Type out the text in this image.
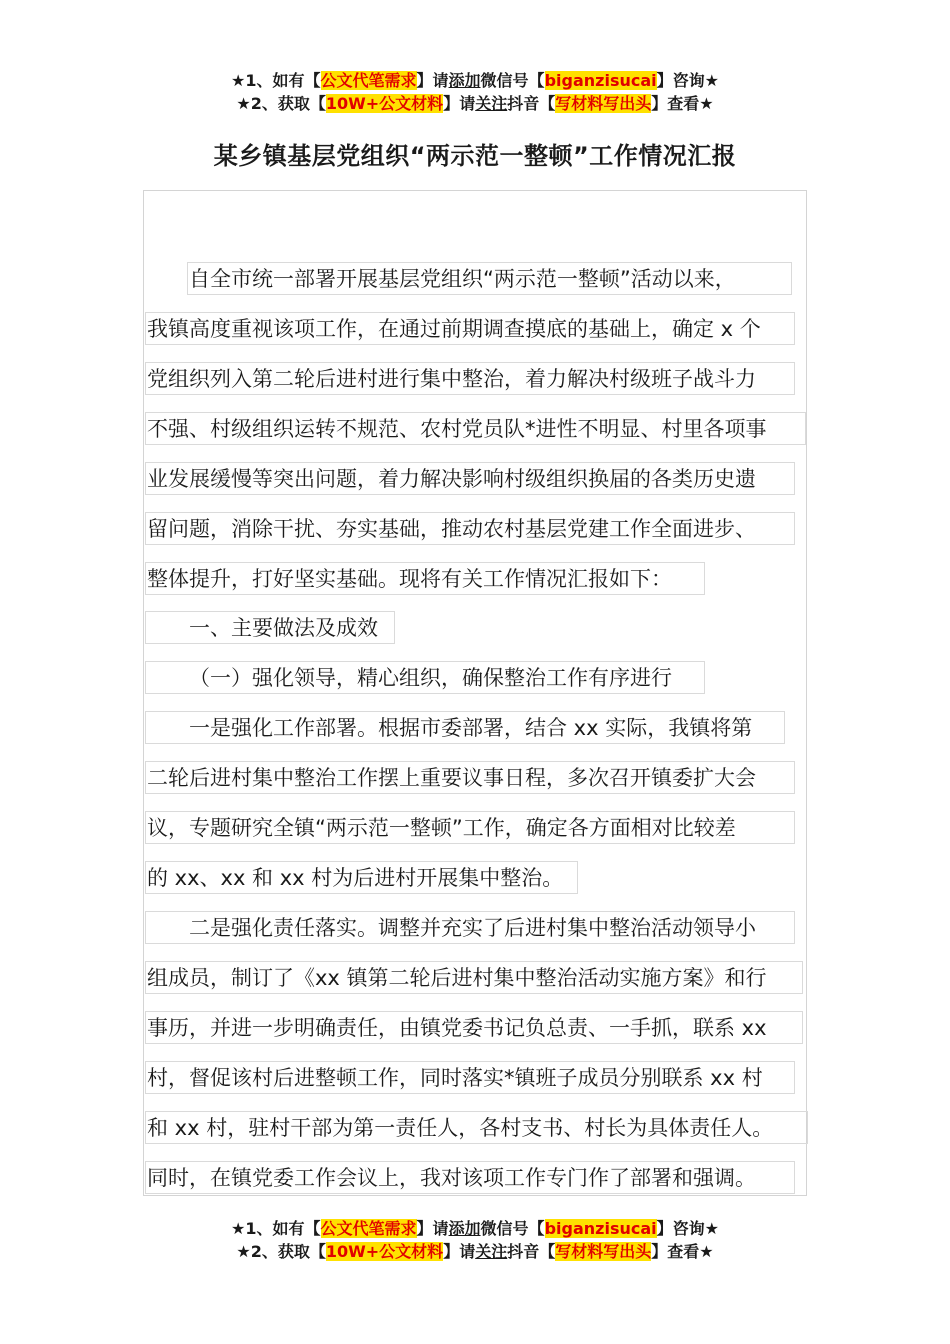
★1、如有【公文代笔需求】请添加微信号【biganzisucai】咨询★
★2、获取【10W+公文材料】请关注抖音【写材料写出头】查看★
某乡镇基层党组织“两示范一整顿”工作情况汇报
自全市统一部署开展基层党组织“两示范一整顿”活动以来，
我镇高度重视该项工作，在通过前期调查摸底的基础上，确定 x 个
党组织列入第二轮后进村进行集中整治，着力解决村级班子战斗力
不强、村级组织运转不规范、农村党员队*进性不明显、村里各项事
业发展缓慢等突出问题，着力解决影响村级组织换届的各类历史遗
留问题，消除干扰、夯实基础，推动农村基层党建工作全面进步、
整体提升，打好坚实基础。现将有关工作情况汇报如下：
一、主要做法及成效
（一）强化领导，精心组织，确保整治工作有序进行
一是强化工作部署。根据市委部署，结合 xx 实际，我镇将第
二轮后进村集中整治工作摆上重要议事日程，多次召开镇委扩大会
议，专题研究全镇“两示范一整顿”工作，确定各方面相对比较差
的 xx、xx 和 xx 村为后进村开展集中整治。
二是强化责任落实。调整并充实了后进村集中整治活动领导小
组成员，制订了《xx 镇第二轮后进村集中整治活动实施方案》和行
事历，并进一步明确责任，由镇党委书记负总责、一手抓，联系 xx
村，督促该村后进整顿工作，同时落实*镇班子成员分别联系 xx 村
和 xx 村，驻村干部为第一责任人，各村支书、村长为具体责任人。
同时，在镇党委工作会议上，我对该项工作专门作了部署和强调。
★1、如有【公文代笔需求】请添加微信号【biganzisucai】咨询★
★2、获取【10W+公文材料】请关注抖音【写材料写出头】查看★
